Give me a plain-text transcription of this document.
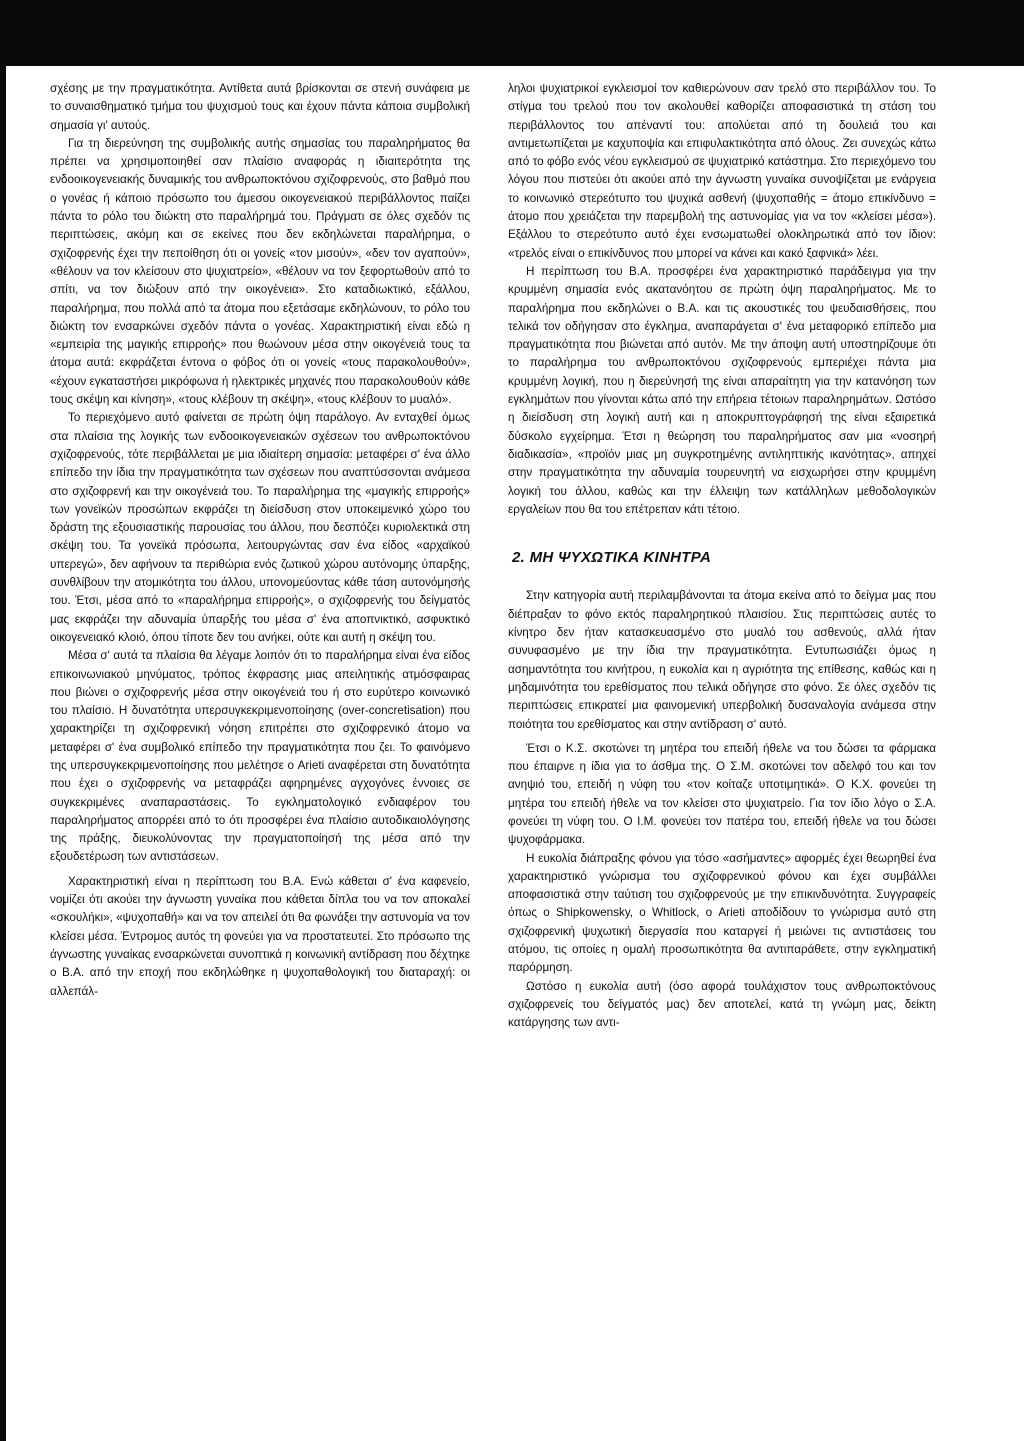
σχέσης με την πραγματικότητα. Αντίθετα αυτά βρίσκονται σε στενή συνάφεια με το συναισθηματικό τμήμα του ψυχισμού τους και έχουν πάντα κάποια συμβολική σημασία γι' αυτούς.

Για τη διερεύνηση της συμβολικής αυτής σημασίας του παραληρήματος θα πρέπει να χρησιμοποιηθεί σαν πλαίσιο αναφοράς η ιδιαιτερότητα της ενδοοικογενειακής δυναμικής του ανθρωποκτόνου σχιζοφρενούς, στο βαθμό που ο γονέας ή κάποιο πρόσωπο του άμεσου οικογενειακού περιβάλλοντος παίζει πάντα το ρόλο του διώκτη στο παραλήρημά του. Πράγματι σε όλες σχεδόν τις περιπτώσεις, ακόμη και σε εκείνες που δεν εκδηλώνεται παραλήρημα, ο σχιζοφρενής έχει την πεποίθηση ότι οι γονείς «τον μισούν», «δεν τον αγαπούν», «θέλουν να τον κλείσουν στο ψυχιατρείο», «θέλουν να τον ξεφορτωθούν από το σπίτι, να τον διώξουν από την οικογένεια». Στο καταδιωκτικό, εξάλλου, παραλήρημα, που πολλά από τα άτομα που εξετάσαμε εκδηλώνουν, το ρόλο του διώκτη τον ενσαρκώνει σχεδόν πάντα ο γονέας. Χαρακτηριστική είναι εδώ η «εμπειρία της μαγικής επιρροής» που θωώνουν μέσα στην οικογένειά τους τα άτομα αυτά: εκφράζεται έντονα ο φόβος ότι οι γονείς «τους παρακολουθούν», «έχουν εγκαταστήσει μικρόφωνα ή ηλεκτρικές μηχανές που παρακολουθούν κάθε τους σκέψη και κίνηση», «τους κλέβουν τη σκέψη», «τους κλέβουν το μυαλό».

Το περιεχόμενο αυτό φαίνεται σε πρώτη όψη παράλογο. Αν ενταχθεί όμως στα πλαίσια της λογικής των ενδοοικογενειακών σχέσεων του ανθρωποκτόνου σχιζοφρενούς, τότε περιβάλλεται με μια ιδιαίτερη σημασία: μεταφέρει σ' ένα άλλο επίπεδο την ίδια την πραγματικότητα των σχέσεων που αναπτύσσονται ανάμεσα στο σχιζοφρενή και την οικογένειά του. Το παραλήρημα της «μαγικής επιρροής» των γονεϊκών προσώπων εκφράζει τη διείσδυση στον υποκειμενικό χώρο του δράστη της εξουσιαστικής παρουσίας του άλλου, που δεσπόζει κυριολεκτικά στη σκέψη του. Τα γονεϊκά πρόσωπα, λειτουργώντας σαν ένα είδος «αρχαϊκού υπερεγώ», δεν αφήνουν τα περιθώρια ενός ζωτικού χώρου αυτόνομης ύπαρξης, συνθλίβουν την ατομικότητα του άλλου, υπονομεύοντας κάθε τάση αυτονόμησής του. Έτσι, μέσα από το «παραλήρημα επιρροής», ο σχιζοφρενής του δείγματός μας εκφράζει την αδυναμία ύπαρξής του μέσα σ' ένα αποπνικτικό, ασφυκτικό οικογενειακό κλοιό, όπου τίποτε δεν του ανήκει, ούτε και αυτή η σκέψη του.

Μέσα σ' αυτά τα πλαίσια θα λέγαμε λοιπόν ότι το παραλήρημα είναι ένα είδος επικοινωνιακού μηνύματος, τρόπος έκφρασης μιας απειλητικής ατμόσφαιρας που βιώνει ο σχιζοφρενής μέσα στην οικογένειά του ή στο ευρύτερο κοινωνικό του πλαίσιο. Η δυνατότητα υπερσυγκεκριμενοποίησης (over-concretisation) που χαρακτηρίζει τη σχιζοφρενική νόηση επιτρέπει στο σχιζοφρενικό άτομο να μεταφέρει σ' ένα συμβολικό επίπεδο την πραγματικότητα που ζει. Το φαινόμενο της υπερσυγκεκριμενοποίησης που μελέτησε ο Arieti αναφέρεται στη δυνατότητα που έχει ο σχιζοφρενής να μεταφράζει αφηρημένες αγχογόνες έννοιες σε συγκεκριμένες αναπαραστάσεις. Το εγκληματολογικό ενδιαφέρον του παραληρήματος απορρέει από το ότι προσφέρει ένα πλαίσιο αυτοδικαιολόγησης της πράξης, διευκολύνοντας την πραγματοποίησή της μέσα από την εξουδετέρωση των αντιστάσεων.

Χαρακτηριστική είναι η περίπτωση του Β.Α. Ενώ κάθεται σ' ένα καφενείο, νομίζει ότι ακούει την άγνωστη γυναίκα που κάθεται δίπλα του να τον αποκαλεί «σκουλήκι», «ψυχοπαθή» και να τον απειλεί ότι θα φωνάξει την αστυνομία να τον κλείσει μέσα. Έντρομος αυτός τη φονεύει για να προστατευτεί. Στο πρόσωπο της άγνωστης γυναίκας ενσαρκώνεται συνοπτικά η κοινωνική αντίδραση που δέχτηκε ο Β.Α. από την εποχή που εκδηλώθηκε η ψυχοπαθολογική του διαταραχή: οι αλλεπάλ-

ληλοι ψυχιατρικοί εγκλεισμοί τον καθιερώνουν σαν τρελό στο περιβάλλον του. Το στίγμα του τρελού που τον ακολουθεί καθορίζει αποφασιστικά τη στάση του περιβάλλοντος του απέναντί του: απολύεται από τη δουλειά του και αντιμετωπίζεται με καχυποψία και επιφυλακτικότητα από όλους. Ζει συνεχώς κάτω από το φόβο ενός νέου εγκλεισμού σε ψυχιατρικό κατάστημα. Στο περιεχόμενο του λόγου που πιστεύει ότι ακούει από την άγνωστη γυναίκα συνοψίζεται με ενάργεια το κοινωνικό στερεότυπο του ψυχικά ασθενή (ψυχοπαθής = άτομο επικίνδυνο = άτομο που χρειάζεται την παρεμβολή της αστυνομίας για να τον «κλείσει μέσα»). Εξάλλου το στερεότυπο αυτό έχει ενσωματωθεί ολοκληρωτικά από τον ίδιον: «τρελός είναι ο επικίνδυνος που μπορεί να κάνει και κακό ξαφνικά» λέει.

Η περίπτωση του Β.Α. προσφέρει ένα χαρακτηριστικό παράδειγμα για την κρυμμένη σημασία ενός ακατανόητου σε πρώτη όψη παραληρήματος. Με το παραλήρημα που εκδηλώνει ο Β.Α. και τις ακουστικές του ψευδαισθήσεις, που τελικά τον οδήγησαν στο έγκλημα, αναπαράγεται σ' ένα μεταφορικό επίπεδο μια πραγματικότητα που βιώνεται από αυτόν. Με την άποψη αυτή υποστηρίζουμε ότι το παραλήρημα του ανθρωποκτόνου σχιζοφρενούς εμπεριέχει πάντα μια κρυμμένη λογική, που η διερεύνησή της είναι απαραίτητη για την κατανόηση των εγκλημάτων που γίνονται κάτω από την επήρεια τέτοιων παραληρημάτων. Ωστόσο η διείσδυση στη λογική αυτή και η αποκρυπτογράφησή της είναι εξαιρετικά δύσκολο εγχείρημα. Έτσι η θεώρηση του παραληρήματος σαν μια «νοσηρή διαδικασία», «προϊόν μιας μη συγκροτημένης αντιληπτικής ικανότητας», απηχεί στην πραγματικότητα την αδυναμία τουρευνητή να εισχωρήσει στην κρυμμένη λογική του άλλου, καθώς και την έλλειψη των κατάλληλων μεθοδολογικών εργαλείων που θα του επέτρεπαν κάτι τέτοιο.

2. ΜΗ ΨΥΧΩΤΙΚΑ ΚΙΝΗΤΡΑ

Στην κατηγορία αυτή περιλαμβάνονται τα άτομα εκείνα από το δείγμα μας που διέπραξαν το φόνο εκτός παραληρητικού πλαισίου. Στις περιπτώσεις αυτές το κίνητρο δεν ήταν κατασκευασμένο στο μυαλό του ασθενούς, αλλά ήταν συνυφασμένο με την ίδια την πραγματικότητα. Εντυπωσιάζει όμως η ασημαντότητα του κινήτρου, η ευκολία και η αγριότητα της επίθεσης, καθώς και η μηδαμινότητα του ερεθίσματος που τελικά οδήγησε στο φόνο. Σε όλες σχεδόν τις περιπτώσεις επικρατεί μια φαινομενική υπερβολική δυσαναλογία ανάμεσα στην ποιότητα του ερεθίσματος και στην αντίδραση σ' αυτό.

Έτσι ο Κ.Σ. σκοτώνει τη μητέρα του επειδή ήθελε να του δώσει τα φάρμακα που έπαιρνε η ίδια για το άσθμα της. Ο Σ.Μ. σκοτώνει τον αδελφό του και τον ανηψιό του, επειδή η νύφη του «τον κοίταζε υποτιμητικά». Ο Κ.Χ. φονεύει τη μητέρα του επειδή ήθελε να τον κλείσει στο ψυχιατρείο. Για τον ίδιο λόγο ο Σ.Α. φονεύει τη νύφη του. Ο Ι.Μ. φονεύει τον πατέρα του, επειδή ήθελε να του δώσει ψυχοφάρμακα.

Η ευκολία διάπραξης φόνου για τόσο «ασήμαντες» αφορμές έχει θεωρηθεί ένα χαρακτηριστικό γνώρισμα του σχιζοφρενικού φόνου και έχει συμβάλλει αποφασιστικά στην ταύτιση του σχιζοφρενούς με την επικινδυνότητα. Συγγραφείς όπως ο Shipkowensky, ο Whitlock, ο Arieti αποδίδουν το γνώρισμα αυτό στη σχιζοφρενική ψυχωτική διεργασία που καταργεί ή μειώνει τις αντιστάσεις του ατόμου, τις οποίες η ομαλή προσωπικότητα θα αντιπαράθετε, στην εγκληματική παρόρμηση.

Ωστόσο η ευκολία αυτή (όσο αφορά τουλάχιστον τους ανθρωποκτόνους σχιζοφρενείς του δείγματός μας) δεν αποτελεί, κατά τη γνώμη μας, δείκτη κατάργησης των αντι-
